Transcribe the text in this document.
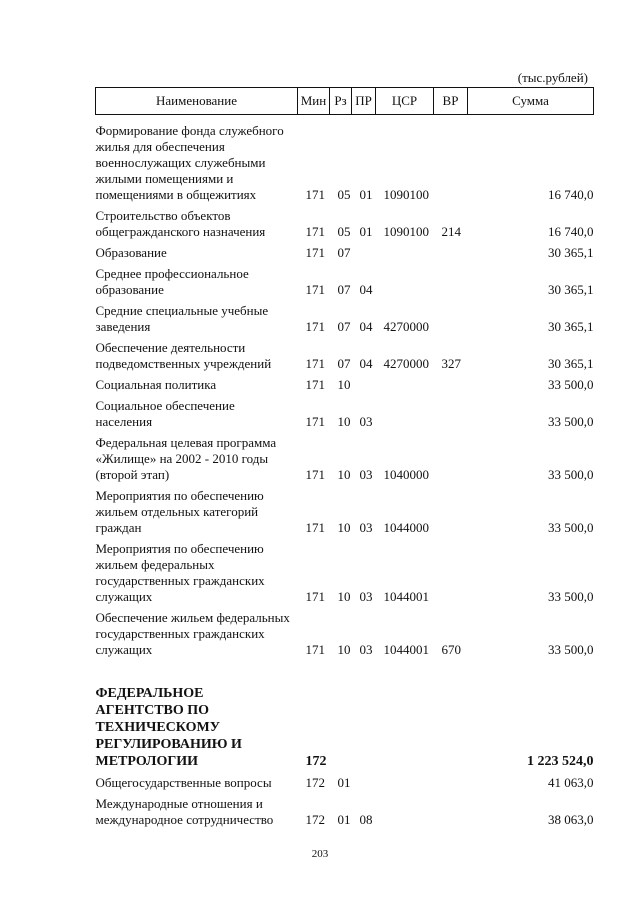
(тыс.рублей)
Наименование	Мин	Рз	ПР	ЦСР	ВР	Сумма
Формирование фонда служебного жилья для обеспечения военнослужащих служебными жилыми помещениями и помещениями в общежитиях	171	05	01	1090100		16 740,0

Строительство объектов общегражданского назначения	171	05	01	1090100	214	16 740,0

Образование	171	07				30 365,1

Среднее профессиональное образование	171	07	04			30 365,1

Средние специальные учебные заведения	171	07	04	4270000		30 365,1

Обеспечение деятельности подведомственных учреждений	171	07	04	4270000	327	30 365,1

Социальная политика	171	10				33 500,0

Социальное обеспечение населения	171	10	03			33 500,0

Федеральная целевая программа «Жилище» на 2002 - 2010 годы (второй этап)	171	10	03	1040000		33 500,0

Мероприятия по обеспечению жильем отдельных категорий граждан	171	10	03	1044000		33 500,0

Мероприятия по обеспечению жильем федеральных государственных гражданских служащих	171	10	03	1044001		33 500,0

Обеспечение жильем федеральных государственных гражданских служащих	171	10	03	1044001	670	33 500,0

ФЕДЕРАЛЬНОЕ АГЕНТСТВО ПО ТЕХНИЧЕСКОМУ РЕГУЛИРОВАНИЮ И МЕТРОЛОГИИ	172					1 223 524,0

Общегосударственные вопросы	172	01				41 063,0

Международные отношения и международное сотрудничество	172	01	08			38 063,0

203
